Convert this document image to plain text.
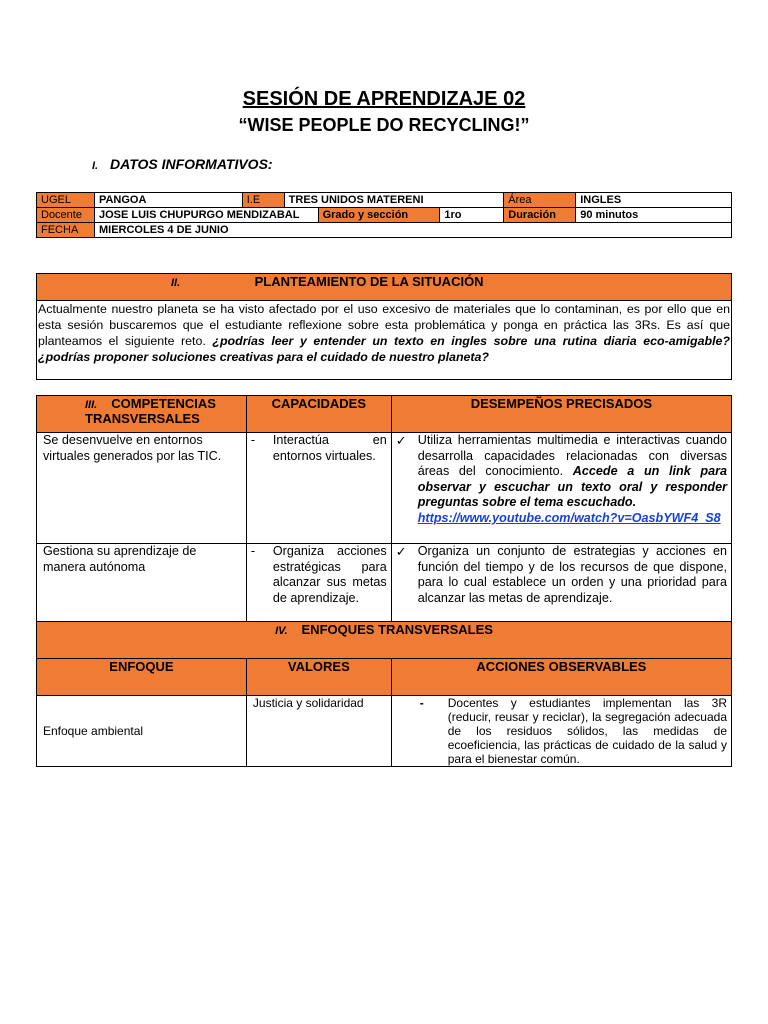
SESIÓN DE APRENDIZAJE 02
“WISE PEOPLE DO RECYCLING!”
I. DATOS INFORMATIVOS:
UGEL	PANGOA	I.E	TRES UNIDOS MATERENI			Área	INGLES
Docente	JOSE LUIS CHUPURGO MENDIZABAL			Grado y sección	1ro	Duración	90 minutos
FECHA	MIERCOLES 4 DE JUNIO						
II.	PLANTEAMIENTO DE LA SITUACIÓN
Actualmente nuestro planeta se ha visto afectado por el uso excesivo de materiales que lo contaminan, es por ello que en esta sesión buscaremos que el estudiante reflexione sobre esta problemática y ponga en práctica las 3Rs. Es así que planteamos el siguiente reto. ¿podrías leer y entender un texto en ingles sobre una rutina diaria eco-amigable? ¿podrías proponer soluciones creativas para el cuidado de nuestro planeta?
III. COMPETENCIAS TRANSVERSALES	CAPACIDADES	DESEMPEÑOS PRECISADOS
Se desenvuelve en entornos virtuales generados por las TIC.	- Interactúa en entornos virtuales.	✓ Utiliza herramientas multimedia e interactivas cuando desarrolla capacidades relacionadas con diversas áreas del conocimiento. Accede a un link para observar y escuchar un texto oral y responder preguntas sobre el tema escuchado.
https://www.youtube.com/watch?v=OasbYWF4_S8

Gestiona su aprendizaje de manera autónoma	- Organiza acciones estratégicas para alcanzar sus metas de aprendizaje.	✓ Organiza un conjunto de estrategias y acciones en función del tiempo y de los recursos de que dispone, para lo cual establece un orden y una prioridad para alcanzar las metas de aprendizaje.

IV. ENFOQUES TRANSVERSALES		
ENFOQUE	VALORES	ACCIONES OBSERVABLES
Enfoque ambiental	Justicia y solidaridad	- Docentes y estudiantes implementan las 3R (reducir, reusar y reciclar), la segregación adecuada de los residuos sólidos, las medidas de ecoeficiencia, las prácticas de cuidado de la salud y para el bienestar común.
